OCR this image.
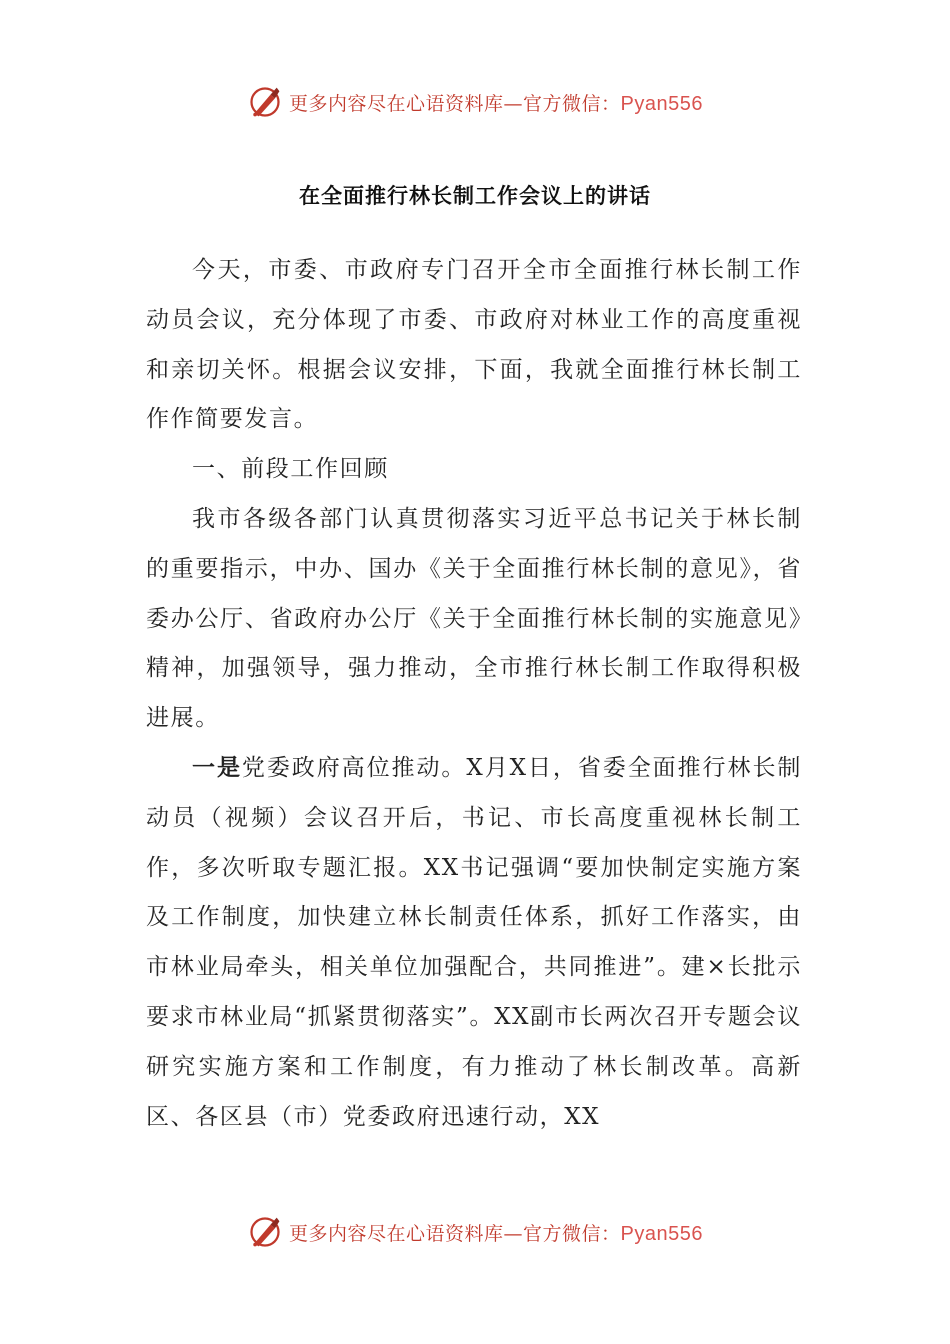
更多内容尽在心语资料库—官方微信：Pyan556
在全面推行林长制工作会议上的讲话

今天，市委、市政府专门召开全市全面推行林长制工作动员会议，充分体现了市委、市政府对林业工作的高度重视和亲切关怀。根据会议安排，下面，我就全面推行林长制工作作简要发言。

一、前段工作回顾

我市各级各部门认真贯彻落实习近平总书记关于林长制的重要指示，中办、国办《关于全面推行林长制的意见》，省委办公厅、省政府办公厅《关于全面推行林长制的实施意见》精神，加强领导，强力推动，全市推行林长制工作取得积极进展。

一是党委政府高位推动。X月X日，省委全面推行林长制动员（视频）会议召开后，书记、市长高度重视林长制工作，多次听取专题汇报。XX书记强调“要加快制定实施方案及工作制度，加快建立林长制责任体系，抓好工作落实，由市林业局牵头，相关单位加强配合，共同推进”。建×长批示要求市林业局“抓紧贯彻落实”。XX副市长两次召开专题会议研究实施方案和工作制度，有力推动了林长制改革。高新区、各区县（市）党委政府迅速行动，XX

更多内容尽在心语资料库—官方微信：Pyan556
